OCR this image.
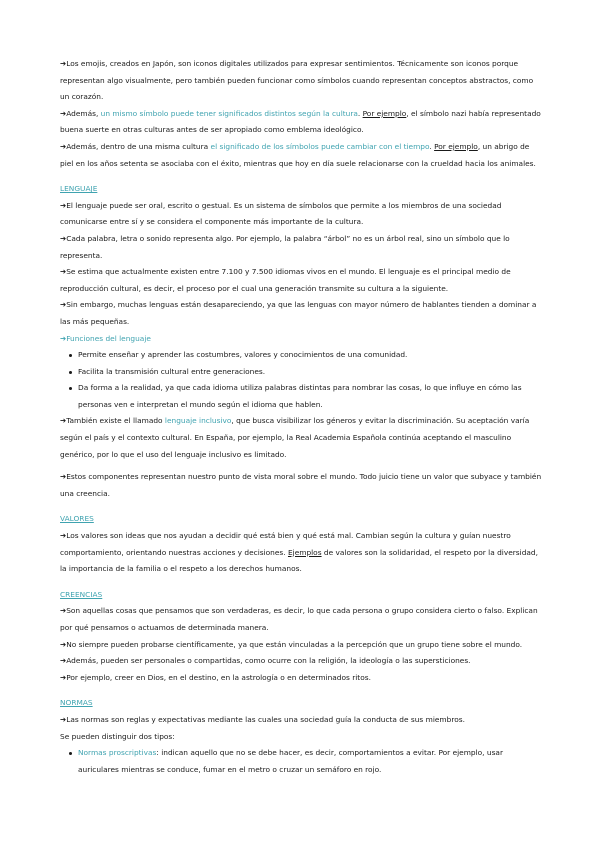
➔Los emojis, creados en Japón, son iconos digitales utilizados para expresar sentimientos. Técnicamente son iconos porque representan algo visualmente, pero también pueden funcionar como símbolos cuando representan conceptos abstractos, como un corazón.

➔Además, un mismo símbolo puede tener significados distintos según la cultura. Por ejemplo, el símbolo nazi había representado buena suerte en otras culturas antes de ser apropiado como emblema ideológico.

➔Además, dentro de una misma cultura el significado de los símbolos puede cambiar con el tiempo. Por ejemplo, un abrigo de piel en los años setenta se asociaba con el éxito, mientras que hoy en día suele relacionarse con la crueldad hacia los animales.

LENGUAJE

➔El lenguaje puede ser oral, escrito o gestual. Es un sistema de símbolos que permite a los miembros de una sociedad comunicarse entre sí y se considera el componente más importante de la cultura.

➔Cada palabra, letra o sonido representa algo. Por ejemplo, la palabra “árbol” no es un árbol real, sino un símbolo que lo representa.

➔Se estima que actualmente existen entre 7.100 y 7.500 idiomas vivos en el mundo. El lenguaje es el principal medio de reproducción cultural, es decir, el proceso por el cual una generación transmite su cultura a la siguiente.

➔Sin embargo, muchas lenguas están desapareciendo, ya que las lenguas con mayor número de hablantes tienden a dominar a las más pequeñas.

➔Funciones del lenguaje

Permite enseñar y aprender las costumbres, valores y conocimientos de una comunidad.
Facilita la transmisión cultural entre generaciones.
Da forma a la realidad, ya que cada idioma utiliza palabras distintas para nombrar las cosas, lo que influye en cómo las personas ven e interpretan el mundo según el idioma que hablen.

➔También existe el llamado lenguaje inclusivo, que busca visibilizar los géneros y evitar la discriminación. Su aceptación varía según el país y el contexto cultural. En España, por ejemplo, la Real Academia Española continúa aceptando el masculino genérico, por lo que el uso del lenguaje inclusivo es limitado.

➔Estos componentes representan nuestro punto de vista moral sobre el mundo. Todo juicio tiene un valor que subyace y también una creencia.

VALORES

➔Los valores son ideas que nos ayudan a decidir qué está bien y qué está mal. Cambian según la cultura y guían nuestro comportamiento, orientando nuestras acciones y decisiones. Ejemplos de valores son la solidaridad, el respeto por la diversidad, la importancia de la familia o el respeto a los derechos humanos.

CREENCIAS

➔Son aquellas cosas que pensamos que son verdaderas, es decir, lo que cada persona o grupo considera cierto o falso. Explican por qué pensamos o actuamos de determinada manera.

➔No siempre pueden probarse científicamente, ya que están vinculadas a la percepción que un grupo tiene sobre el mundo.

➔Además, pueden ser personales o compartidas, como ocurre con la religión, la ideología o las supersticiones.

➔Por ejemplo, creer en Dios, en el destino, en la astrología o en determinados ritos.

NORMAS

➔Las normas son reglas y expectativas mediante las cuales una sociedad guía la conducta de sus miembros.

Se pueden distinguir dos tipos:

Normas proscriptivas: indican aquello que no se debe hacer, es decir, comportamientos a evitar. Por ejemplo, usar auriculares mientras se conduce, fumar en el metro o cruzar un semáforo en rojo.
